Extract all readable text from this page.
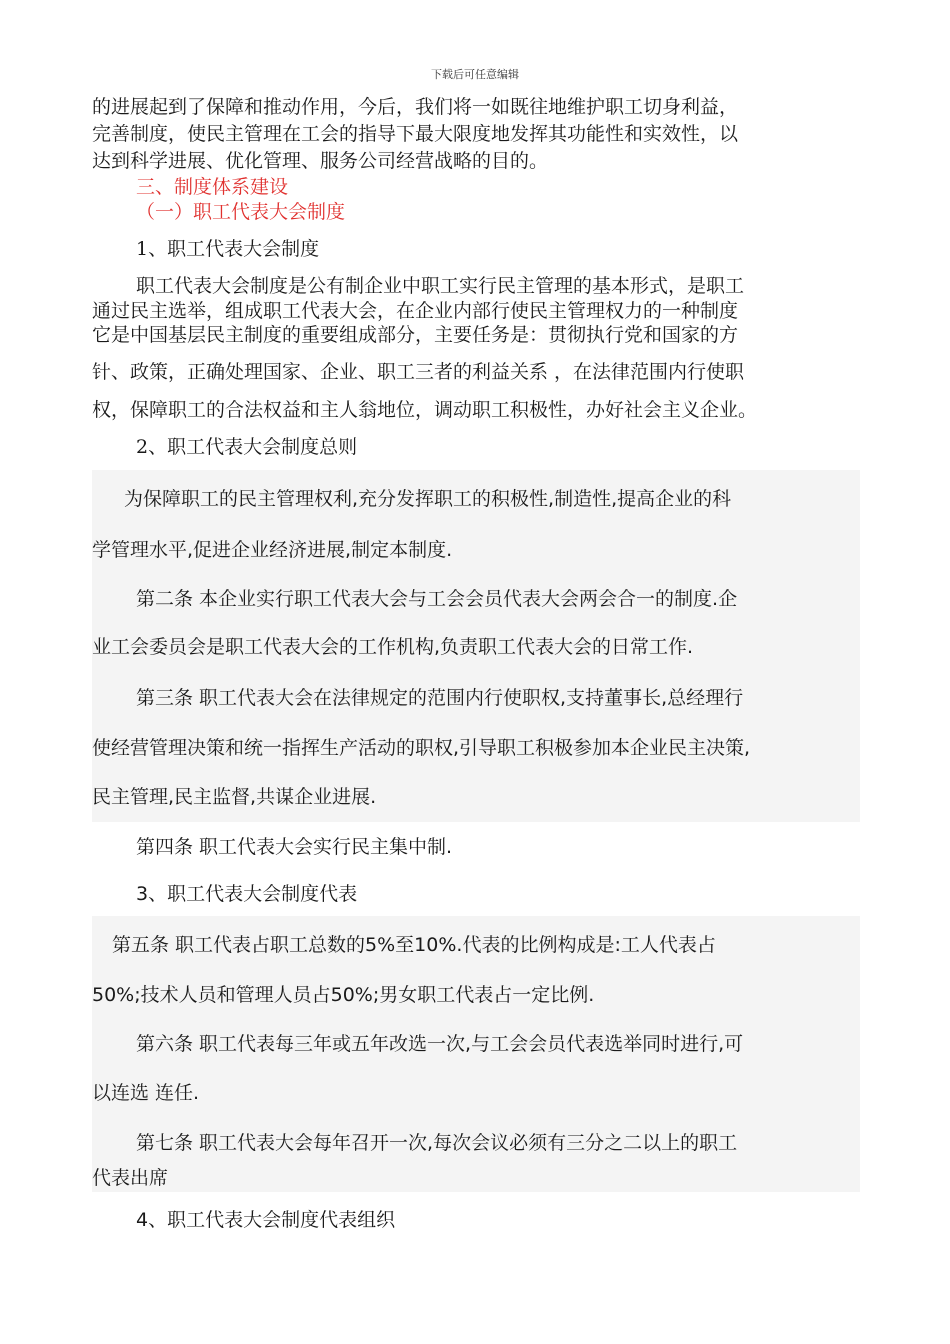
下载后可任意编辑
的进展起到了保障和推动作用，今后，我们将一如既往地维护职工切身利益，
完善制度，使民主管理在工会的指导下最大限度地发挥其功能性和实效性，以
达到科学进展、优化管理、服务公司经营战略的目的。
三、制度体系建设
（一）职工代表大会制度
1、职工代表大会制度
职工代表大会制度是公有制企业中职工实行民主管理的基本形式，是职工
通过民主选举，组成职工代表大会，在企业内部行使民主管理权力的一种制度
它是中国基层民主制度的重要组成部分，主要任务是：贯彻执行党和国家的方
针、政策，正确处理国家、企业、职工三者的利益关系 ，在法律范围内行使职
权，保障职工的合法权益和主人翁地位，调动职工积极性，办好社会主义企业。
2、职工代表大会制度总则
为保障职工的民主管理权利,充分发挥职工的积极性,制造性,提高企业的科
学管理水平,促进企业经济进展,制定本制度.
第二条 本企业实行职工代表大会与工会会员代表大会两会合一的制度.企
业工会委员会是职工代表大会的工作机构,负责职工代表大会的日常工作.
第三条 职工代表大会在法律规定的范围内行使职权,支持董事长,总经理行
使经营管理决策和统一指挥生产活动的职权,引导职工积极参加本企业民主决策,
民主管理,民主监督,共谋企业进展.
第四条 职工代表大会实行民主集中制.
3、职工代表大会制度代表
第五条 职工代表占职工总数的5%至10%.代表的比例构成是:工人代表占
50%;技术人员和管理人员占50%;男女职工代表占一定比例.
第六条 职工代表每三年或五年改选一次,与工会会员代表选举同时进行,可
以连选 连任.
第七条 职工代表大会每年召开一次,每次会议必须有三分之二以上的职工
代表出席
4、职工代表大会制度代表组织
